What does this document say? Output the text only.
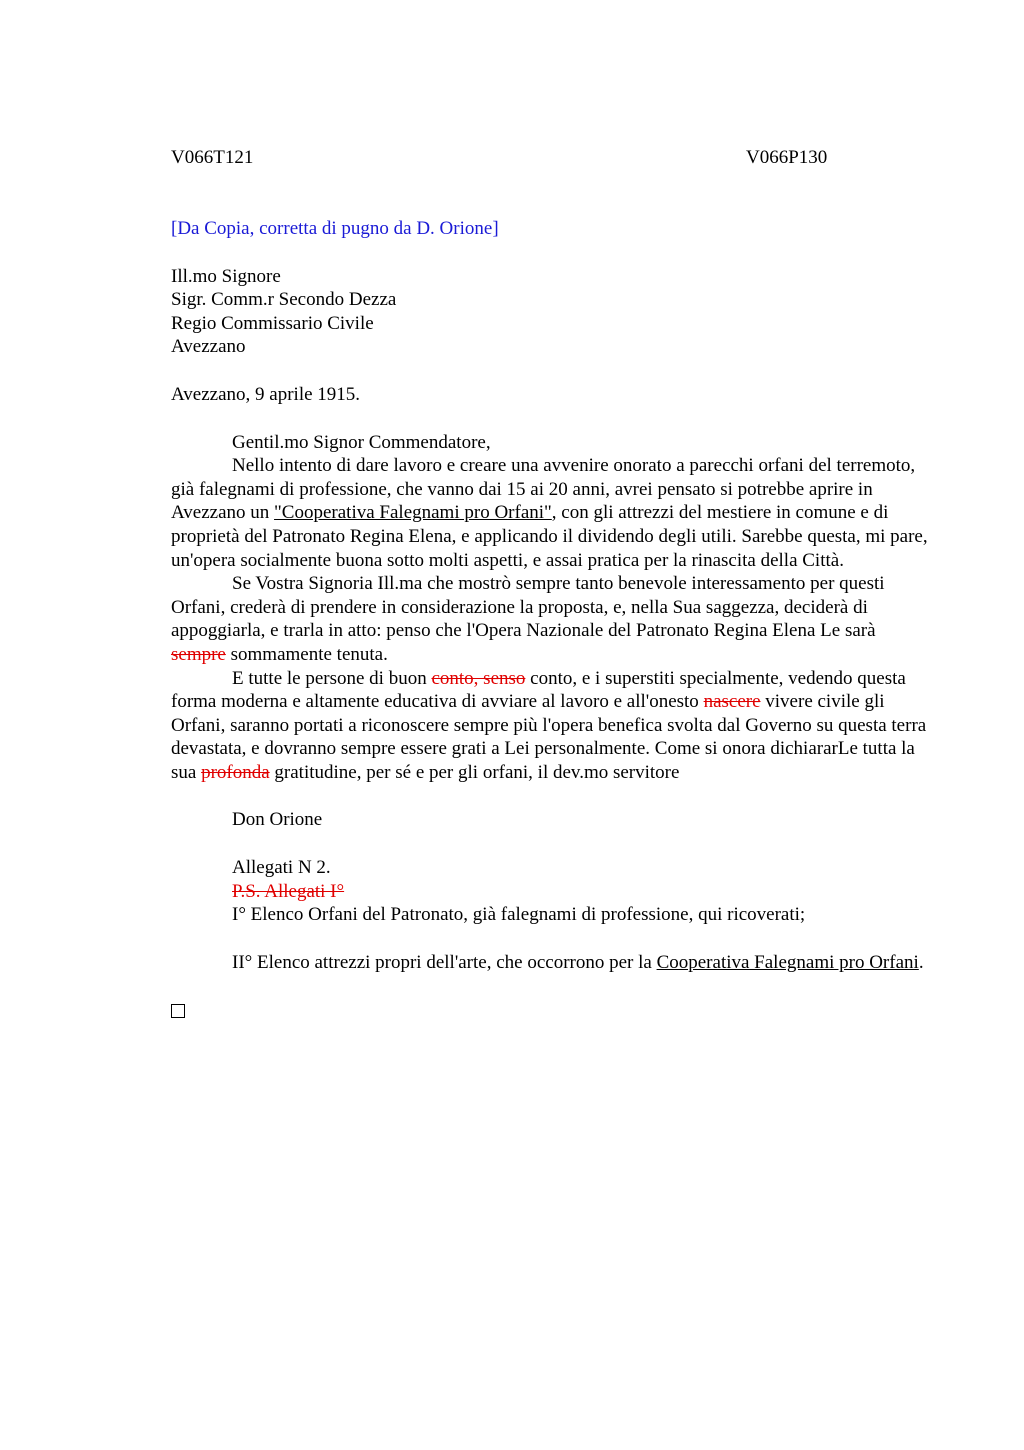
V066T121	V066P130
[Da Copia, corretta di pugno da D. Orione]
Ill.mo Signore
Sigr. Comm.r Secondo Dezza
Regio Commissario Civile
Avezzano
Avezzano, 9 aprile 1915.
Gentil.mo Signor Commendatore,

Nello intento di dare lavoro e creare una avvenire onorato a parecchi orfani del terremoto, già falegnami di professione, che vanno dai 15 ai 20 anni, avrei pensato si potrebbe aprire in Avezzano un "Cooperativa Falegnami pro Orfani", con gli attrezzi del mestiere in comune e di proprietà del Patronato Regina Elena, e applicando il dividendo degli utili. Sarebbe questa, mi pare, un'opera socialmente buona sotto molti aspetti, e assai pratica per la rinascita della Città.

Se Vostra Signoria Ill.ma che mostrò sempre tanto benevole interessamento per questi Orfani, crederà di prendere in considerazione la proposta, e, nella Sua saggezza, deciderà di appoggiarla, e trarla in atto: penso che l'Opera Nazionale del Patronato Regina Elena Le sarà sempre sommamente tenuta.

E tutte le persone di buon conto, senso conto, e i superstiti specialmente, vedendo questa forma moderna e altamente educativa di avviare al lavoro e all'onesto nascere vivere civile gli Orfani, saranno portati a riconoscere sempre più l'opera benefica svolta dal Governo su questa terra devastata, e dovranno sempre essere grati a Lei personalmente. Come si onora dichiararLe tutta la sua profonda gratitudine, per sé e per gli orfani, il dev.mo servitore

Don Orione
Allegati N 2.
P.S. Allegati I°
I° Elenco Orfani del Patronato, già falegnami di professione, qui ricoverati;

II° Elenco attrezzi propri dell'arte, che occorrono per la Cooperativa Falegnami pro Orfani.
